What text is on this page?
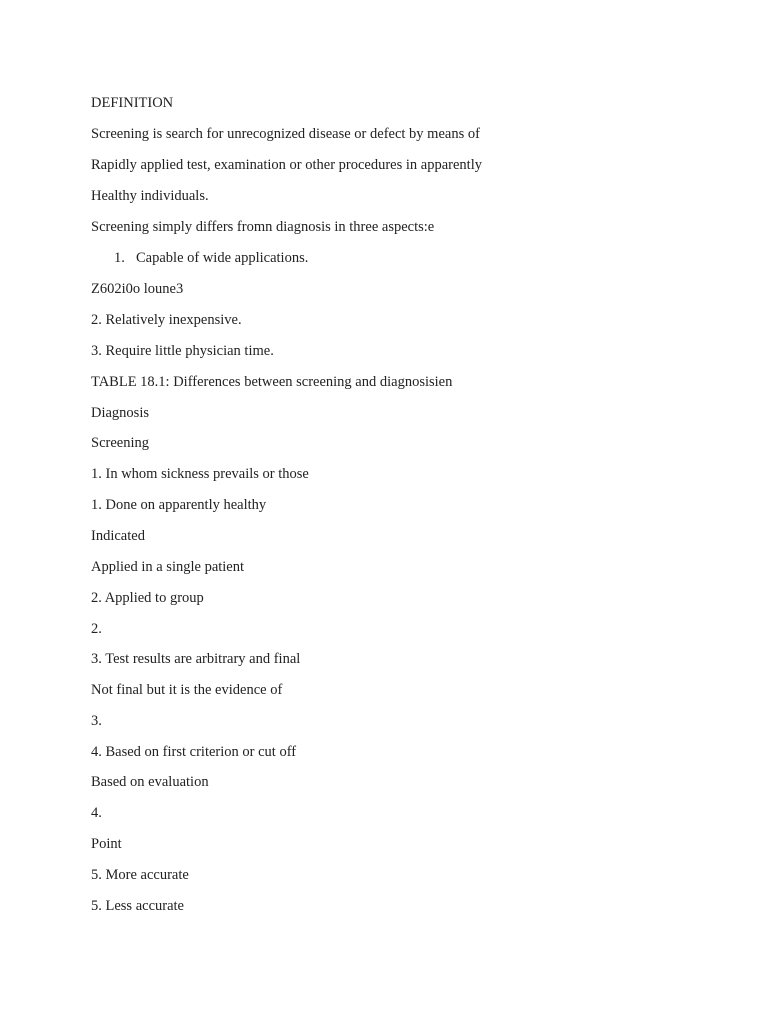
DEFINITION
Screening is search for unrecognized disease or defect by means of
Rapidly applied test, examination or other procedures in apparently
Healthy individuals.
Screening simply differs fromn diagnosis in three aspects:e
1. Capable of wide applications.
Z602i0o loune3
2. Relatively inexpensive.
3. Require little physician time.
TABLE 18.1: Differences between screening and diagnosisien
Diagnosis
Screening
1. In whom sickness prevails or those
1. Done on apparently healthy
Indicated
Applied in a single patient
2. Applied to group
2.
3. Test results are arbitrary and final
Not final but it is the evidence of
3.
4. Based on first criterion or cut off
Based on evaluation
4.
Point
5. More accurate
5. Less accurate
